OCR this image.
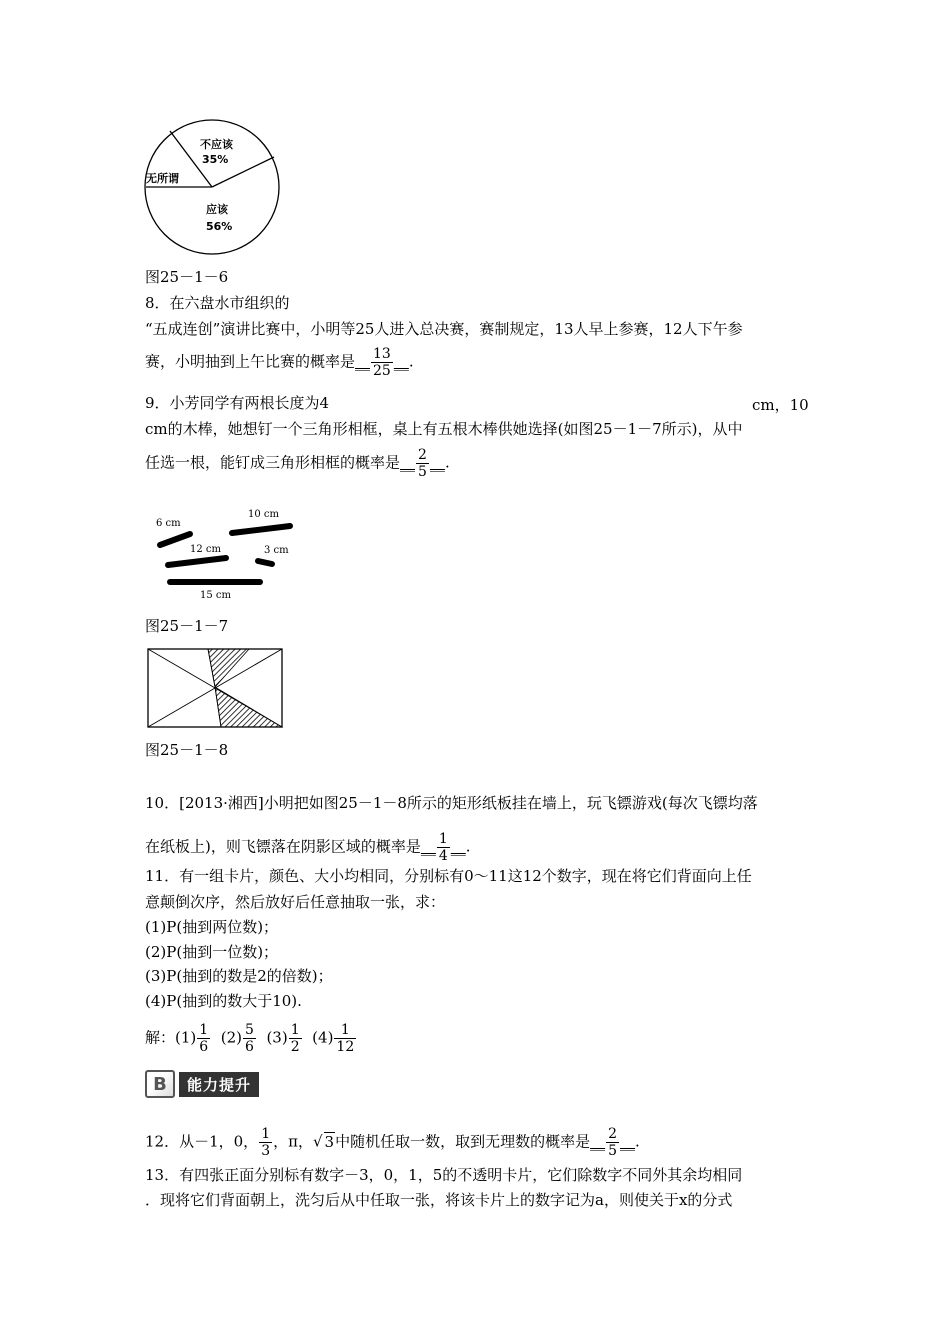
不应该
35%
无所谓
应该
56%
图25－1－6
8．在六盘水市组织的
“五成连创”演讲比赛中，小明等25人进入总决赛，赛制规定，13人早上参赛，12人下午参
赛，小明抽到上午比赛的概率是__ $\frac{13}{25}$ __.
9．小芳同学有两根长度为4	cm，10
cm的木棒，她想钉一个三角形相框，桌上有五根木棒供她选择(如图25－1－7所示)，从中
任选一根，能钉成三角形相框的概率是__ $\frac{2}{5}$ __.
6 cm
10 cm
12 cm	3 cm
15 cm
图25－1－7
图25－1－8
10．[2013·湘西]小明把如图25－1－8所示的矩形纸板挂在墙上，玩飞镖游戏(每次飞镖均落
在纸板上)，则飞镖落在阴影区域的概率是__ $\frac{1}{4}$ __.
11．有一组卡片，颜色、大小均相同，分别标有0～11这12个数字，现在将它们背面向上任
意颠倒次序，然后放好后任意抽取一张，求：
(1)P(抽到两位数)；
(2)P(抽到一位数)；
(3)P(抽到的数是2的倍数)；
(4)P(抽到的数大于10).
解：$(1) \frac{1}{6} (2) \frac{5}{6} (3) \frac{1}{2} (4) \frac{1}{12}$
B	能力提升
12．从－1，0， $\frac{1}{3}$ ，π，√ 3中随机任取一数，取到无理数的概率是__ $\frac{2}{5}$ __.
13．有四张正面分别标有数字－3，0，1，5的不透明卡片，它们除数字不同外其余均相同
．现将它们背面朝上，洗匀后从中任取一张，将该卡片上的数字记为a，则使关于x的分式
